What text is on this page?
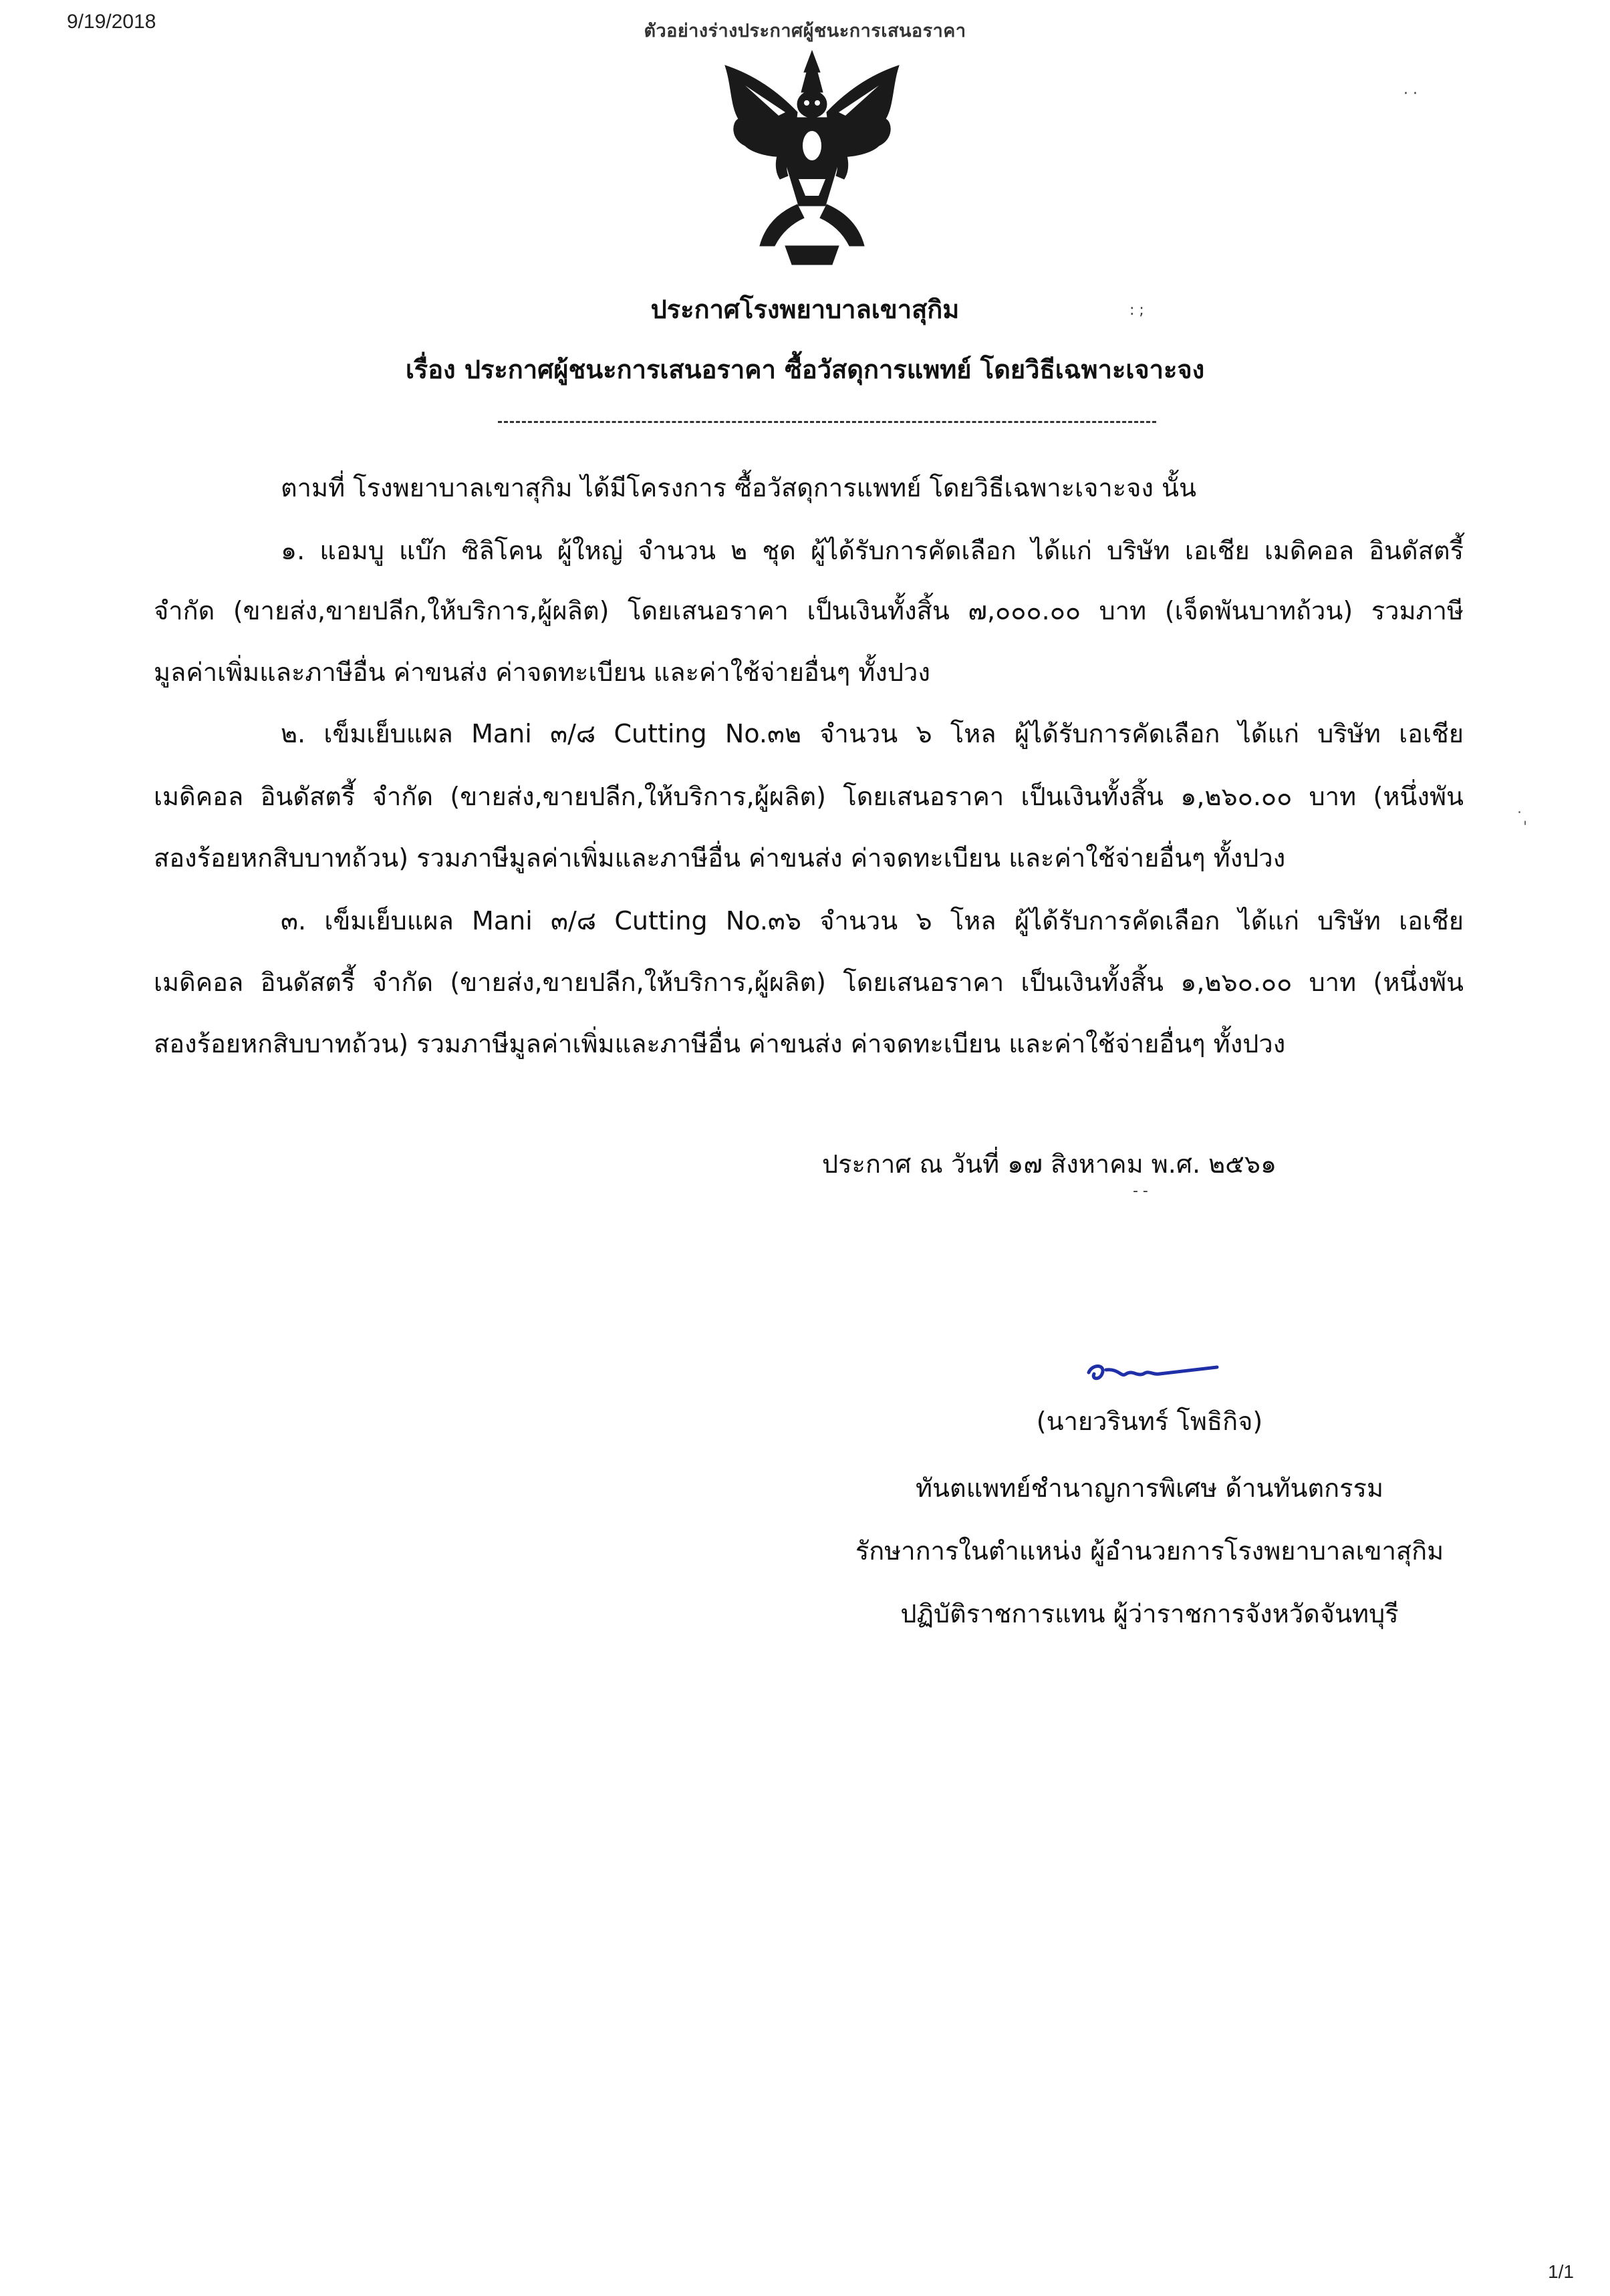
9/19/2018	ตัวอย่างร่างประกาศผู้ชนะการเสนอราคา
· ·
: ;
˙ˌ
- -
ประกาศโรงพยาบาลเขาสุกิม
เรื่อง ประกาศผู้ชนะการเสนอราคา ซื้อวัสดุการแพทย์ โดยวิธีเฉพาะเจาะจง
ตามที่ โรงพยาบาลเขาสุกิม ได้มีโครงการ ซื้อวัสดุการแพทย์ โดยวิธีเฉพาะเจาะจง นั้น
๑. แอมบู แบ๊ก ซิลิโคน ผู้ใหญ่ จำนวน ๒ ชุด ผู้ได้รับการคัดเลือก ได้แก่ บริษัท เอเชีย เมดิคอล อินดัสตรี้
จำกัด (ขายส่ง,ขายปลีก,ให้บริการ,ผู้ผลิต) โดยเสนอราคา เป็นเงินทั้งสิ้น ๗,๐๐๐.๐๐ บาท (เจ็ดพันบาทถ้วน) รวมภาษี
มูลค่าเพิ่มและภาษีอื่น ค่าขนส่ง ค่าจดทะเบียน และค่าใช้จ่ายอื่นๆ ทั้งปวง
๒. เข็มเย็บแผล Mani ๓/๘ Cutting No.๓๒ จำนวน ๖ โหล ผู้ได้รับการคัดเลือก ได้แก่ บริษัท เอเชีย
เมดิคอล อินดัสตรี้ จำกัด (ขายส่ง,ขายปลีก,ให้บริการ,ผู้ผลิต) โดยเสนอราคา เป็นเงินทั้งสิ้น ๑,๒๖๐.๐๐ บาท (หนึ่งพัน
สองร้อยหกสิบบาทถ้วน) รวมภาษีมูลค่าเพิ่มและภาษีอื่น ค่าขนส่ง ค่าจดทะเบียน และค่าใช้จ่ายอื่นๆ ทั้งปวง
๓. เข็มเย็บแผล Mani ๓/๘ Cutting No.๓๖ จำนวน ๖ โหล ผู้ได้รับการคัดเลือก ได้แก่ บริษัท เอเชีย
เมดิคอล อินดัสตรี้ จำกัด (ขายส่ง,ขายปลีก,ให้บริการ,ผู้ผลิต) โดยเสนอราคา เป็นเงินทั้งสิ้น ๑,๒๖๐.๐๐ บาท (หนึ่งพัน
สองร้อยหกสิบบาทถ้วน) รวมภาษีมูลค่าเพิ่มและภาษีอื่น ค่าขนส่ง ค่าจดทะเบียน และค่าใช้จ่ายอื่นๆ ทั้งปวง
ประกาศ ณ วันที่ ๑๗ สิงหาคม พ.ศ. ๒๕๖๑
(นายวรินทร์ โพธิกิจ)
ทันตแพทย์ชำนาญการพิเศษ ด้านทันตกรรม
รักษาการในตำแหน่ง ผู้อำนวยการโรงพยาบาลเขาสุกิม
ปฏิบัติราชการแทน ผู้ว่าราชการจังหวัดจันทบุรี
1/1
